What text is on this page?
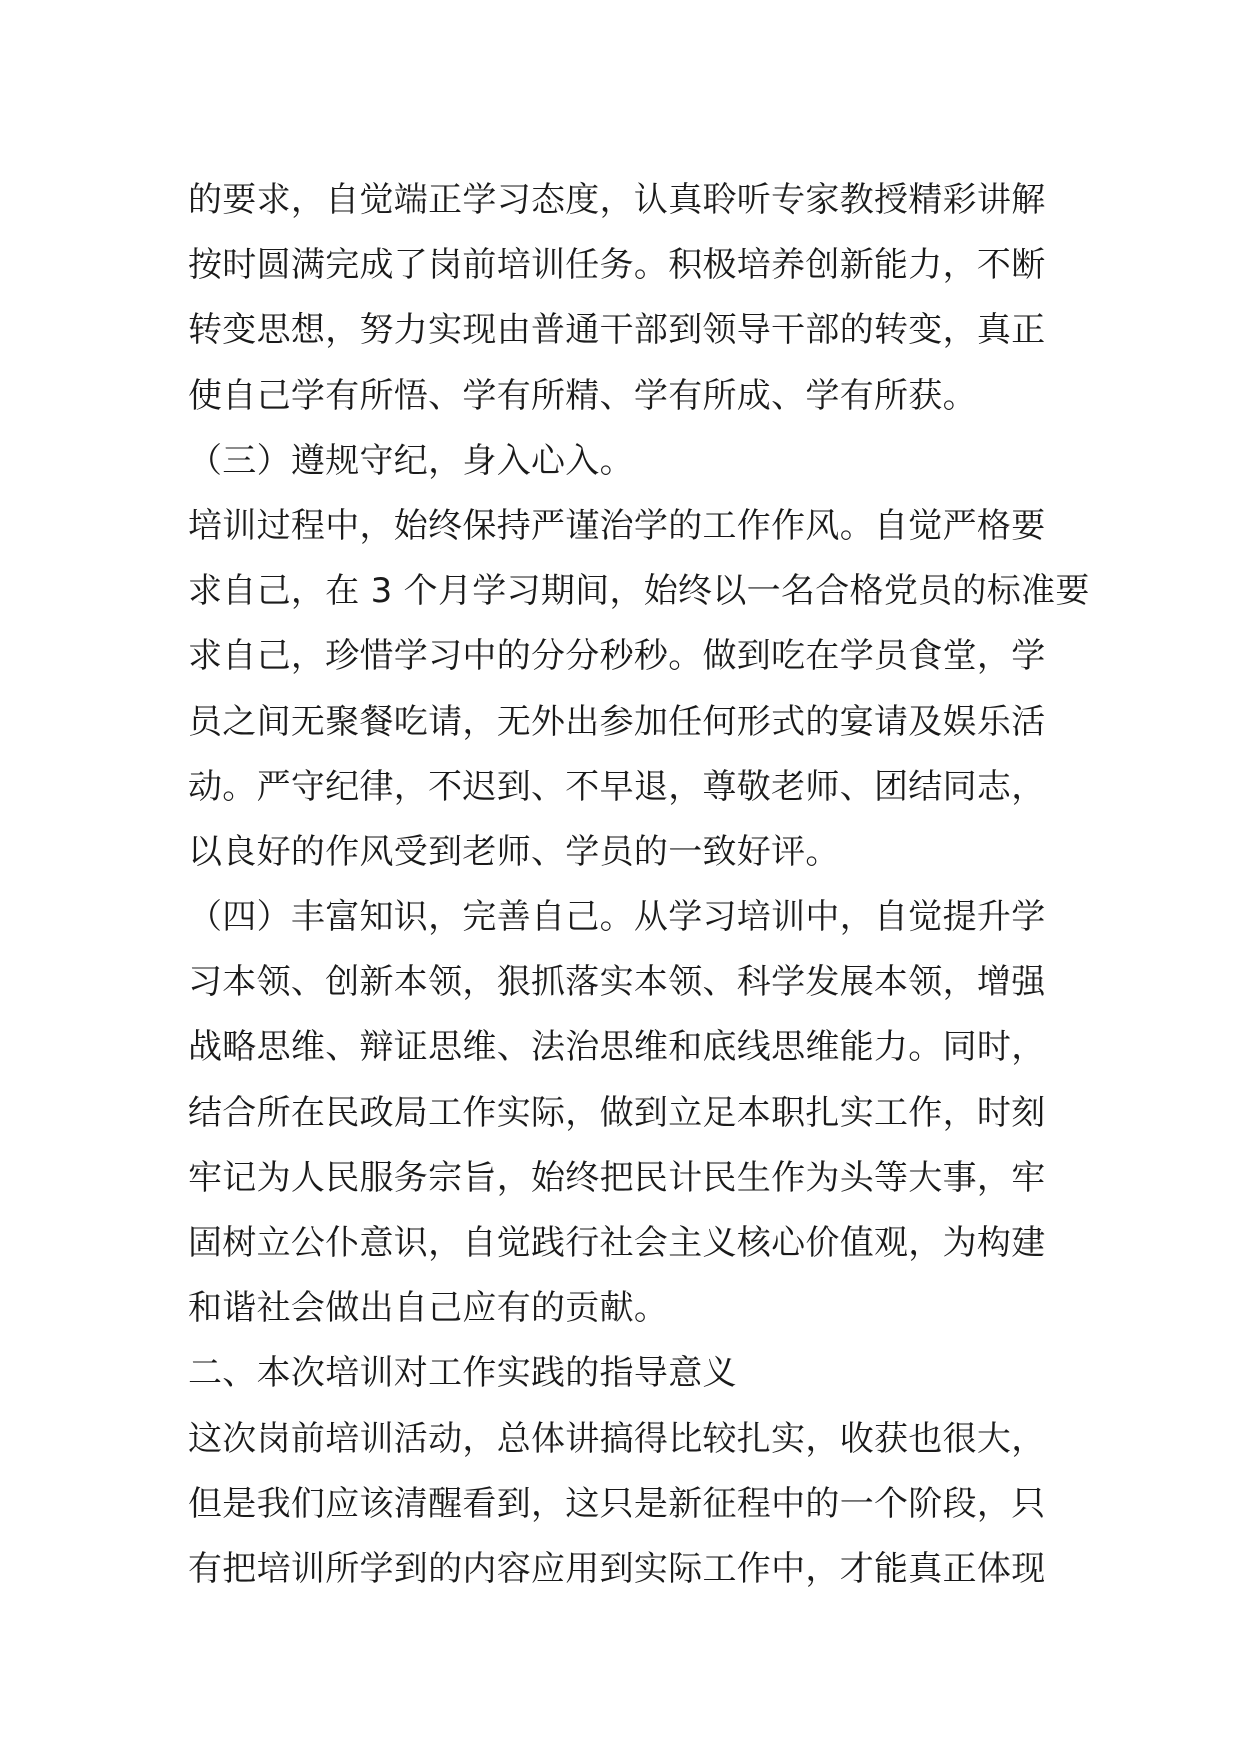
的要求，自觉端正学习态度，认真聆听专家教授精彩讲解
按时圆满完成了岗前培训任务。积极培养创新能力，不断
转变思想，努力实现由普通干部到领导干部的转变，真正
使自己学有所悟、学有所精、学有所成、学有所获。
（三）遵规守纪，身入心入。
培训过程中，始终保持严谨治学的工作作风。自觉严格要
求自己，在 3 个月学习期间，始终以一名合格党员的标准要
求自己，珍惜学习中的分分秒秒。做到吃在学员食堂，学
员之间无聚餐吃请，无外出参加任何形式的宴请及娱乐活
动。严守纪律，不迟到、不早退，尊敬老师、团结同志，
以良好的作风受到老师、学员的一致好评。
（四）丰富知识，完善自己。从学习培训中，自觉提升学
习本领、创新本领，狠抓落实本领、科学发展本领，增强
战略思维、辩证思维、法治思维和底线思维能力。同时，
结合所在民政局工作实际，做到立足本职扎实工作，时刻
牢记为人民服务宗旨，始终把民计民生作为头等大事，牢
固树立公仆意识，自觉践行社会主义核心价值观，为构建
和谐社会做出自己应有的贡献。
二、本次培训对工作实践的指导意义
这次岗前培训活动，总体讲搞得比较扎实，收获也很大，
但是我们应该清醒看到，这只是新征程中的一个阶段，只
有把培训所学到的内容应用到实际工作中，才能真正体现
